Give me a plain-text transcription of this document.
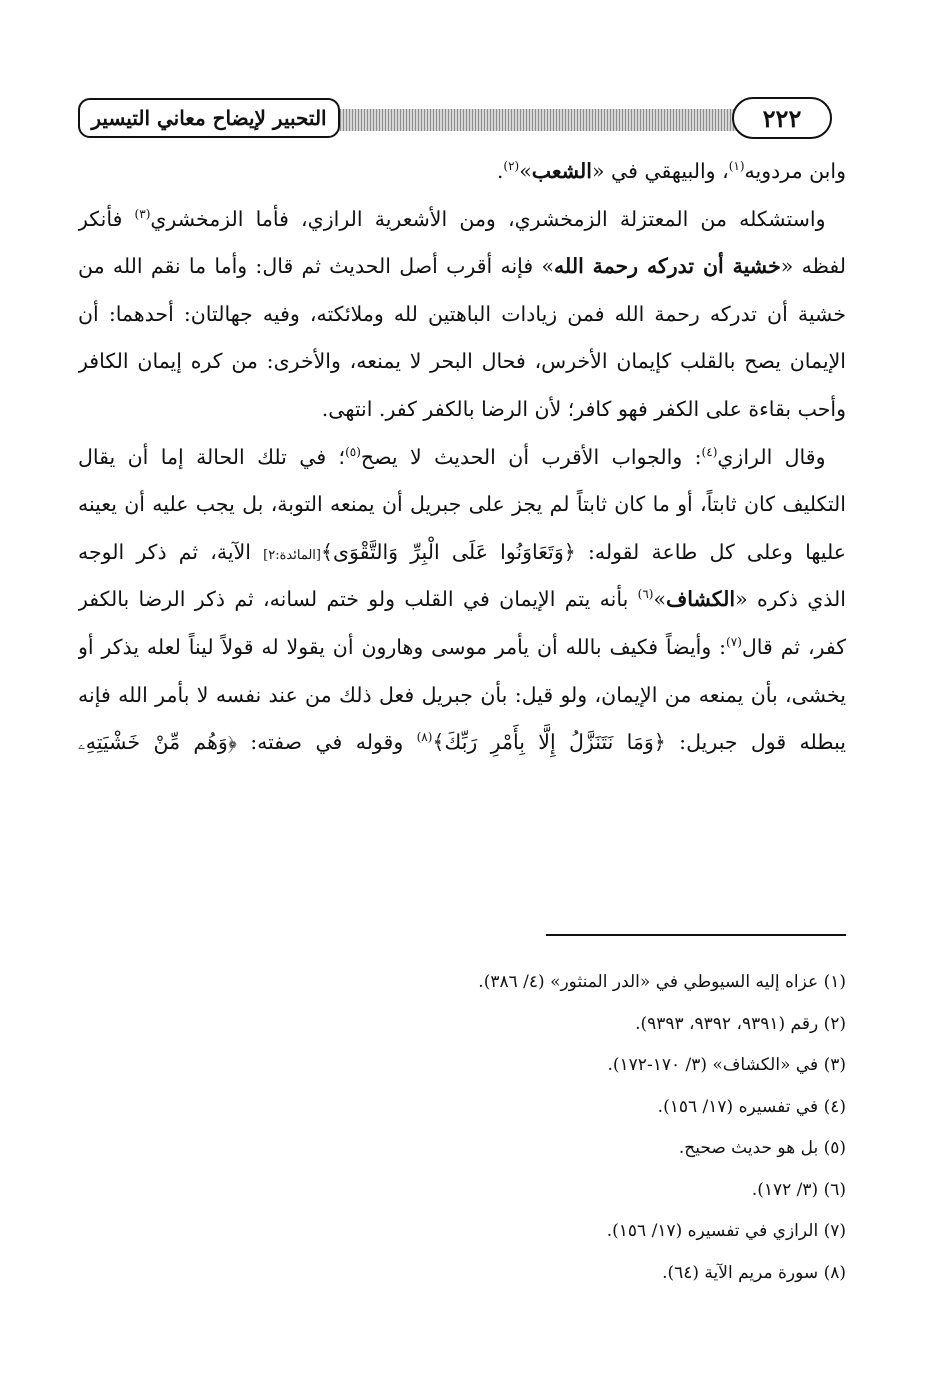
التحبير لإيضاح معاني التيسير	٢٢٢
وابن مردويه$^{(١)}$، والبيهقي في «الشعب»$^{(٢)}$.
 واستشكله من المعتزلة الزمخشري، ومن الأشعرية الرازي، فأما الزمخشري$^{(٣)}$ فأنكر
لفظه «خشية أن تدركه رحمة الله» فإنه أقرب أصل الحديث ثم قال: وأما ما نقم الله من
خشية أن تدركه رحمة الله فمن زيادات الباهتين لله وملائكته، وفيه جهالتان: أحدهما: أن
الإيمان يصح بالقلب كإيمان الأخرس، فحال البحر لا يمنعه، والأخرى: من كره إيمان الكافر
وأحب بقاءة على الكفر فهو كافر؛ لأن الرضا بالكفر كفر. انتهى.
 وقال الرازي$^{(٤)}$: والجواب الأقرب أن الحديث لا يصح$^{(٥)}$؛ في تلك الحالة إما أن يقال
التكليف كان ثابتاً، أو ما كان ثابتاً لم يجز على جبريل أن يمنعه التوبة، بل يجب عليه أن يعينه
عليها وعلى كل طاعة لقوله: ﴿وَتَعَاوَنُوا عَلَى الْبِرِّ وَالتَّقْوَى﴾[المائدة:٢] الآية، ثم ذكر الوجه
الذي ذكره «الكشاف»$^{(٦)}$ بأنه يتم الإيمان في القلب ولو ختم لسانه، ثم ذكر الرضا بالكفر
كفر، ثم قال$^{(٧)}$: وأيضاً فكيف بالله أن يأمر موسى وهارون أن يقولا له قولاً ليناً لعله يذكر أو
يخشى، بأن يمنعه من الإيمان، ولو قيل: بأن جبريل فعل ذلك من عند نفسه لا بأمر الله فإنه
يبطله قول جبريل: ﴿وَمَا نَتَنَزَّلُ إِلَّا بِأَمْرِ رَبِّكَ﴾$^{(٨)}$ وقوله في صفته: ﴿وَهُم مِّنْ خَشْيَتِهِۦ
(١) عزاه إليه السيوطي في «الدر المنثور» (٤/ ٣٨٦).
(٢) رقم (٩٣٩١، ٩٣٩٢، ٩٣٩٣).
(٣) في «الكشاف» (٣/ ١٧٠-١٧٢).
(٤) في تفسيره (١٧/ ١٥٦).
(٥) بل هو حديث صحيح.
(٦) (٣/ ١٧٢).
(٧) الرازي في تفسيره (١٧/ ١٥٦).
(٨) سورة مريم الآية (٦٤).
